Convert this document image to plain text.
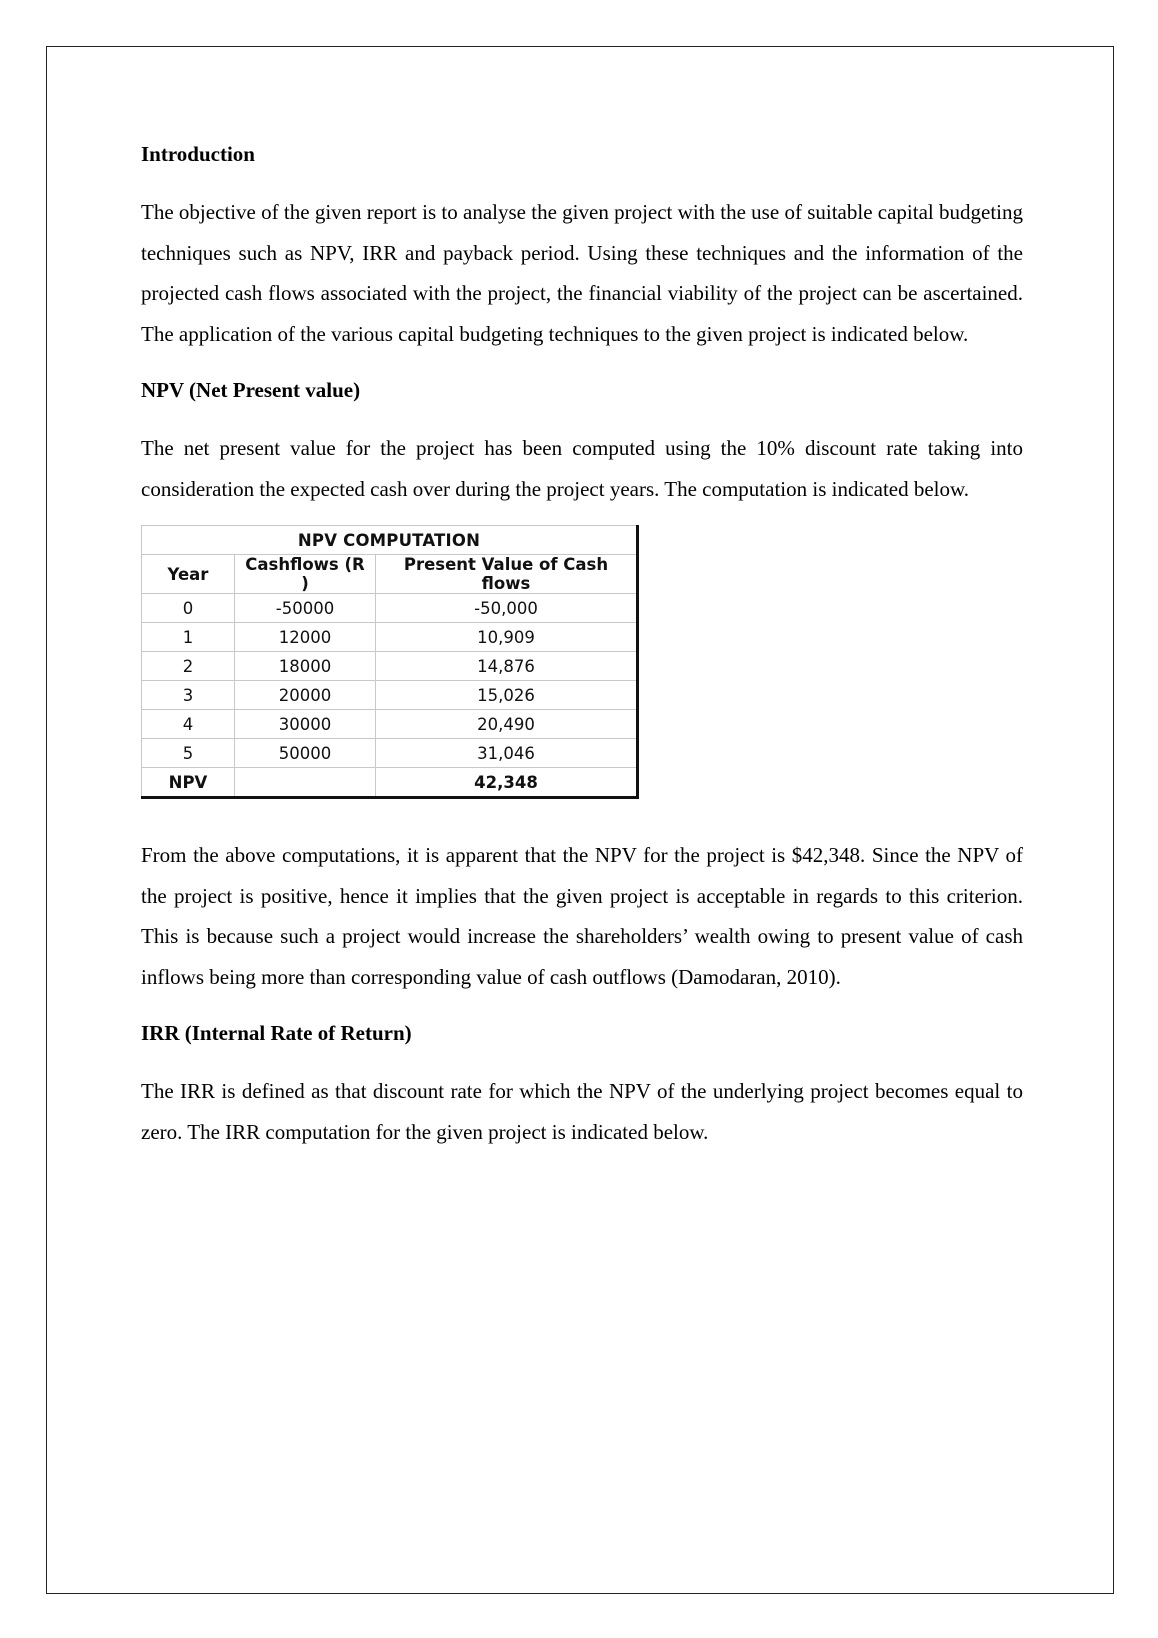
Introduction

The objective of the given report is to analyse the given project with the use of suitable capital budgeting techniques such as NPV, IRR and payback period. Using these techniques and the information of the projected cash flows associated with the project, the financial viability of the project can be ascertained. The application of the various capital budgeting techniques to the given project is indicated below.

NPV (Net Present value)

The net present value for the project has been computed using the 10% discount rate taking into consideration the expected cash over during the project years. The computation is indicated below.

NPV COMPUTATION		
Year	Cashflows (R )	Present Value of Cash flows
0	-50000	-50,000
1	12000	10,909
2	18000	14,876
3	20000	15,026
4	30000	20,490
5	50000	31,046
NPV		42,348

From the above computations, it is apparent that the NPV for the project is $42,348. Since the NPV of the project is positive, hence it implies that the given project is acceptable in regards to this criterion. This is because such a project would increase the shareholders’ wealth owing to present value of cash inflows being more than corresponding value of cash outflows (Damodaran, 2010).

IRR (Internal Rate of Return)

The IRR is defined as that discount rate for which the NPV of the underlying project becomes equal to zero. The IRR computation for the given project is indicated below.
